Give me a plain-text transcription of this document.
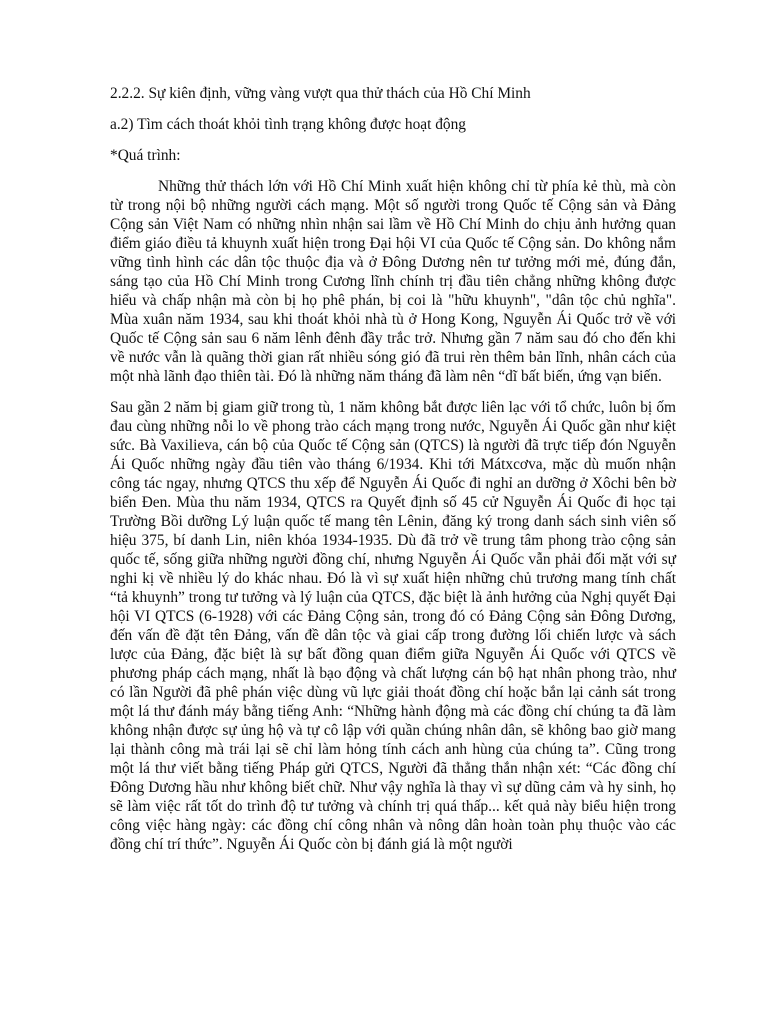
2.2.2. Sự kiên định, vững vàng vượt qua thử thách của Hồ Chí Minh
a.2) Tìm cách thoát khỏi tình trạng không được hoạt động
*Quá trình:

Những thử thách lớn với Hồ Chí Minh xuất hiện không chỉ từ phía kẻ thù, mà còn từ trong nội bộ những người cách mạng. Một số người trong Quốc tế Cộng sản và Đảng Cộng sản Việt Nam có những nhìn nhận sai lầm về Hồ Chí Minh do chịu ảnh hưởng quan điểm giáo điều tả khuynh xuất hiện trong Đại hội VI của Quốc tế Cộng sản. Do không nắm vững tình hình các dân tộc thuộc địa và ở Đông Dương nên tư tưởng mới mẻ, đúng đắn, sáng tạo của Hồ Chí Minh trong Cương lĩnh chính trị đầu tiên chẳng những không được hiểu và chấp nhận mà còn bị họ phê phán, bị coi là "hữu khuynh", "dân tộc chủ nghĩa". Mùa xuân năm 1934, sau khi thoát khỏi nhà tù ở Hong Kong, Nguyễn Ái Quốc trở về với Quốc tế Cộng sản sau 6 năm lênh đênh đầy trắc trở. Nhưng gần 7 năm sau đó cho đến khi về nước vẫn là quãng thời gian rất nhiều sóng gió đã trui rèn thêm bản lĩnh, nhân cách của một nhà lãnh đạo thiên tài. Đó là những năm tháng đã làm nên “dĩ bất biến, ứng vạn biến.

Sau gần 2 năm bị giam giữ trong tù, 1 năm không bắt được liên lạc với tổ chức, luôn bị ốm đau cùng những nỗi lo về phong trào cách mạng trong nước, Nguyễn Ái Quốc gần như kiệt sức. Bà Vaxilieva, cán bộ của Quốc tế Cộng sản (QTCS) là người đã trực tiếp đón Nguyễn Ái Quốc những ngày đầu tiên vào tháng 6/1934. Khi tới Mátxcơva, mặc dù muốn nhận công tác ngay, nhưng QTCS thu xếp để Nguyễn Ái Quốc đi nghỉ an dưỡng ở Xôchi bên bờ biển Đen. Mùa thu năm 1934, QTCS ra Quyết định số 45 cử Nguyễn Ái Quốc đi học tại Trường Bồi dưỡng Lý luận quốc tế mang tên Lênin, đăng ký trong danh sách sinh viên số hiệu 375, bí danh Lin, niên khóa 1934-1935. Dù đã trở về trung tâm phong trào cộng sản quốc tế, sống giữa những người đồng chí, nhưng Nguyễn Ái Quốc vẫn phải đối mặt với sự nghi kị về nhiều lý do khác nhau. Đó là vì sự xuất hiện những chủ trương mang tính chất “tả khuynh” trong tư tưởng và lý luận của QTCS, đặc biệt là ảnh hưởng của Nghị quyết Đại hội VI QTCS (6-1928) với các Đảng Cộng sản, trong đó có Đảng Cộng sản Đông Dương, đến vấn đề đặt tên Đảng, vấn đề dân tộc và giai cấp trong đường lối chiến lược và sách lược của Đảng, đặc biệt là sự bất đồng quan điểm giữa Nguyễn Ái Quốc với QTCS về phương pháp cách mạng, nhất là bạo động và chất lượng cán bộ hạt nhân phong trào, như có lần Người đã phê phán việc dùng vũ lực giải thoát đồng chí hoặc bắn lại cảnh sát trong một lá thư đánh máy bằng tiếng Anh: “Những hành động mà các đồng chí chúng ta đã làm không nhận được sự ủng hộ và tự cô lập với quần chúng nhân dân, sẽ không bao giờ mang lại thành công mà trái lại sẽ chỉ làm hỏng tính cách anh hùng của chúng ta”. Cũng trong một lá thư viết bằng tiếng Pháp gửi QTCS, Người đã thẳng thắn nhận xét: “Các đồng chí Đông Dương hầu như không biết chữ. Như vậy nghĩa là thay vì sự dũng cảm và hy sinh, họ sẽ làm việc rất tốt do trình độ tư tưởng và chính trị quá thấp... kết quả này biểu hiện trong công việc hàng ngày: các đồng chí công nhân và nông dân hoàn toàn phụ thuộc vào các đồng chí trí thức”. Nguyễn Ái Quốc còn bị đánh giá là một người
